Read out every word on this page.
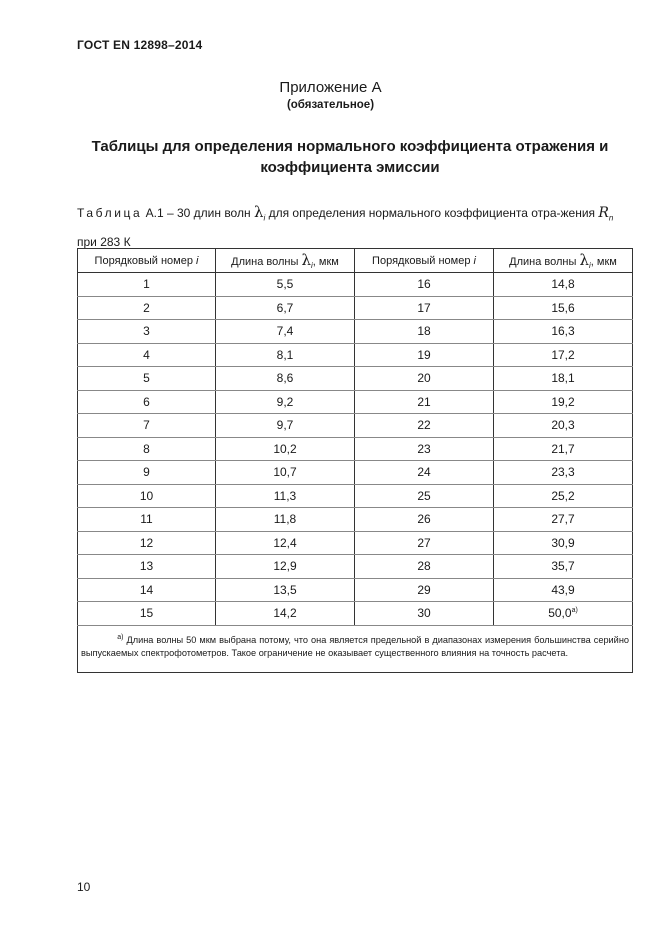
ГОСТ EN 12898–2014
Приложение А
(обязательное)
Таблицы для определения нормального коэффициента отражения и коэффициента эмиссии
Таблица А.1 – 30 длин волн $\lambda_i$ для определения нормального коэффициента отра-жения $R_n$ при 283 К
Порядковый номер i	Длина волны $\lambda_i$, мкм	Порядковый номер i	Длина волны $\lambda_i$, мкм
1	5,5	16	14,8
2	6,7	17	15,6
3	7,4	18	16,3
4	8,1	19	17,2
5	8,6	20	18,1
6	9,2	21	19,2
7	9,7	22	20,3
8	10,2	23	21,7
9	10,7	24	23,3
10	11,3	25	25,2
11	11,8	26	27,7
12	12,4	27	30,9
13	12,9	28	35,7
14	13,5	29	43,9
15	14,2	30	$50,0^{а)}$
$^{а)}$ Длина волны 50 мкм выбрана потому, что она является предельной в диапазонах измерения большинства серийно выпускаемых спектрофотометров. Такое ограничение не оказывает существенного влияния на точность расчета.			
10
